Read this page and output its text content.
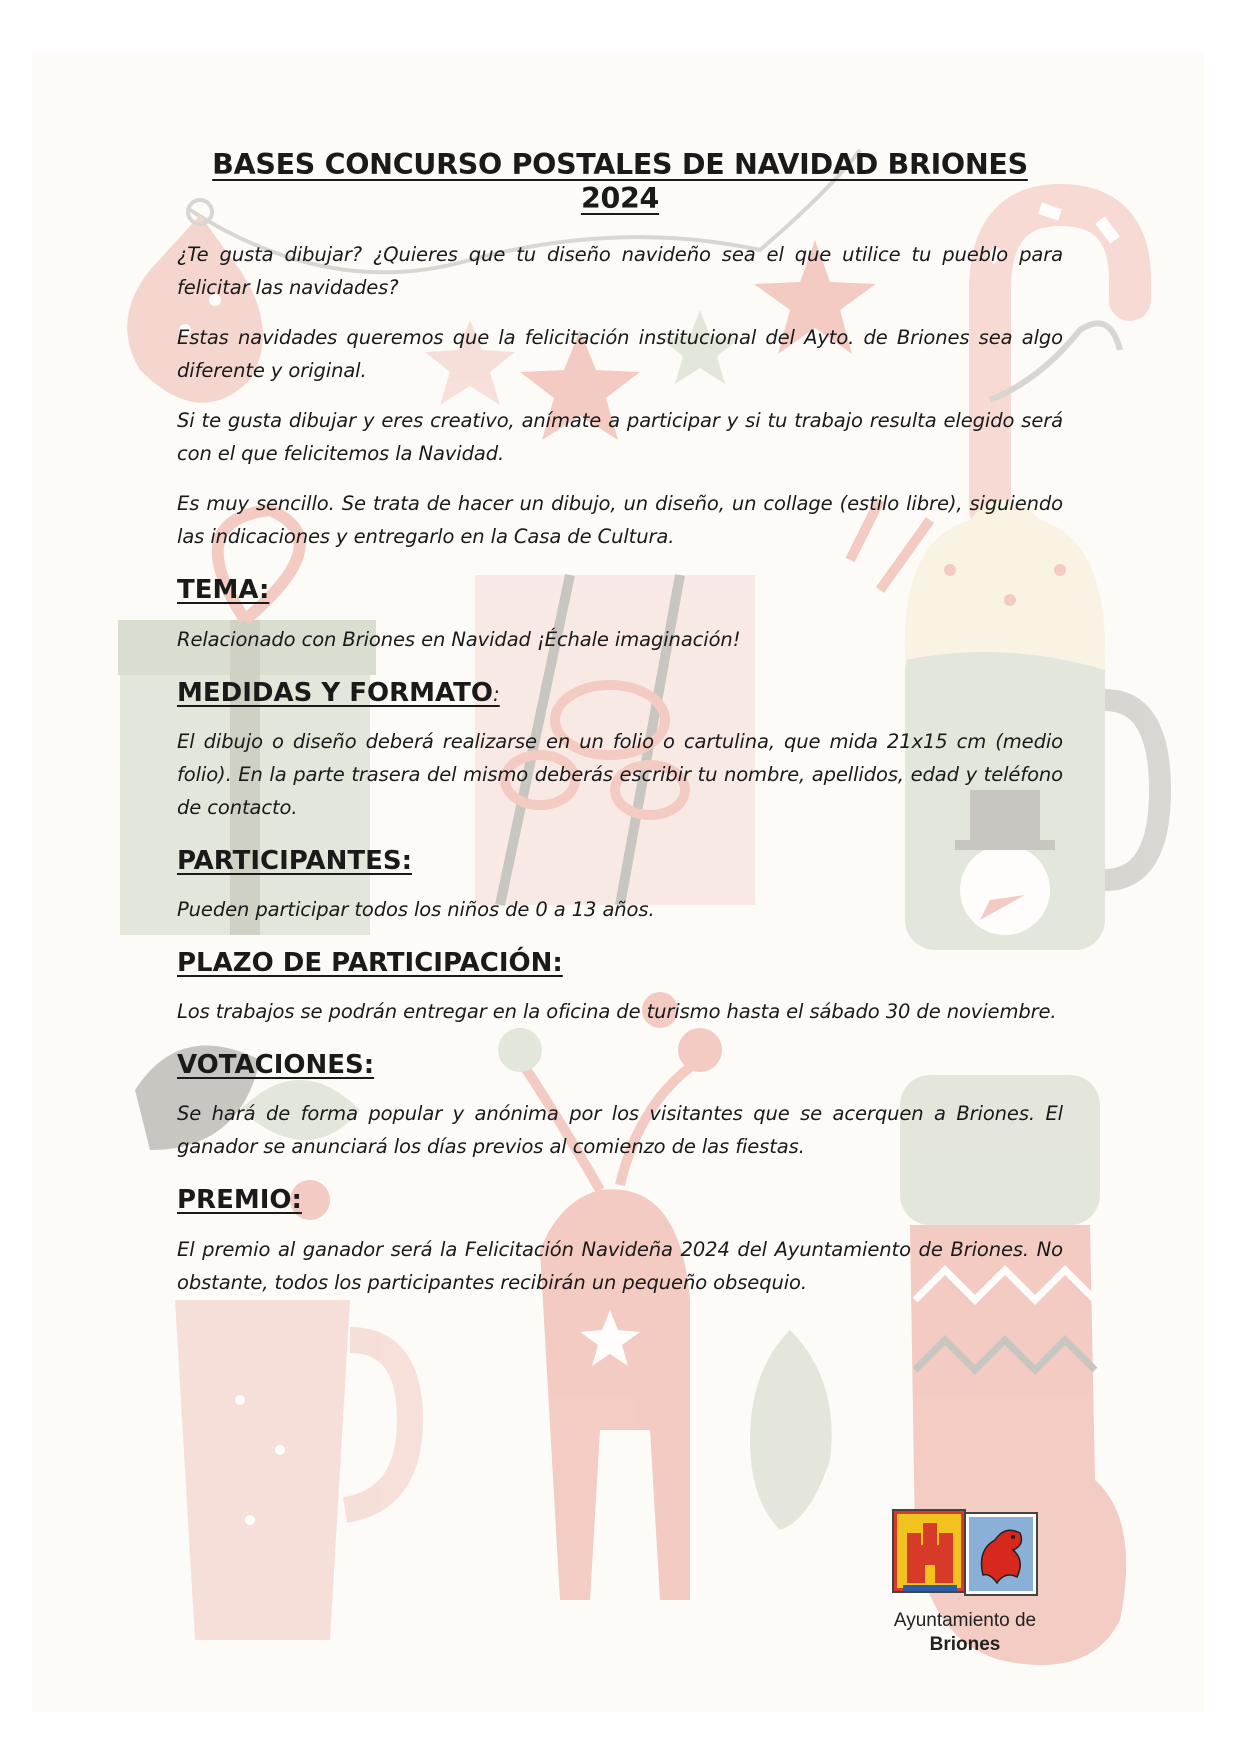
BASES CONCURSO POSTALES DE NAVIDAD BRIONES 2024

¿Te gusta dibujar? ¿Quieres que tu diseño navideño sea el que utilice tu pueblo para felicitar las navidades?

Estas navidades queremos que la felicitación institucional del Ayto. de Briones sea algo diferente y original.

Si te gusta dibujar y eres creativo, anímate a participar y si tu trabajo resulta elegido será con el que felicitemos la Navidad.

Es muy sencillo. Se trata de hacer un dibujo, un diseño, un collage (estilo libre), siguiendo las indicaciones y entregarlo en la Casa de Cultura.

TEMA:

Relacionado con Briones en Navidad ¡Échale imaginación!

MEDIDAS Y FORMATO:

El dibujo o diseño deberá realizarse en un folio o cartulina, que mida 21x15 cm (medio folio). En la parte trasera del mismo deberás escribir tu nombre, apellidos, edad y teléfono de contacto.

PARTICIPANTES:

Pueden participar todos los niños de 0 a 13 años.

PLAZO DE PARTICIPACIÓN:

Los trabajos se podrán entregar en la oficina de turismo hasta el sábado 30 de noviembre.

VOTACIONES:

Se hará de forma popular y anónima por los visitantes que se acerquen a Briones. El ganador se anunciará los días previos al comienzo de las fiestas.

PREMIO:

El premio al ganador será la Felicitación Navideña 2024 del Ayuntamiento de Briones. No obstante, todos los participantes recibirán un pequeño obsequio.

Ayuntamiento de
Briones
